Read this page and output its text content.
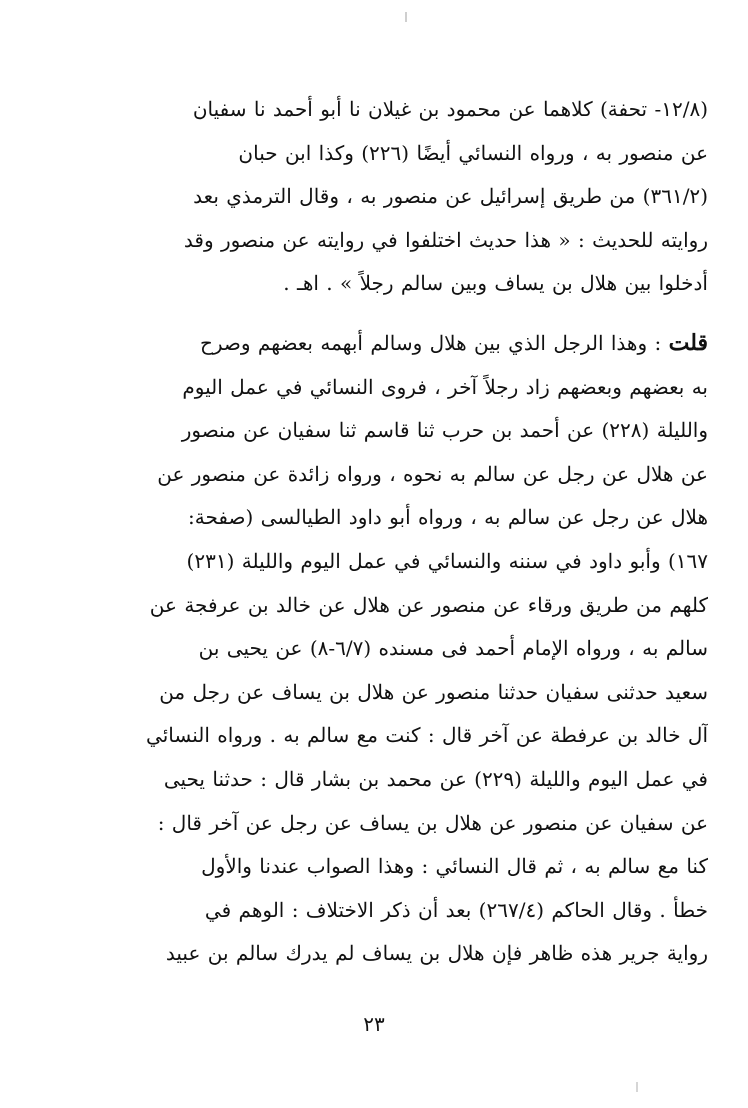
(١٢/٨- تحفة) كلاهما عن محمود بن غيلان نا أبو أحمد نا سفيان
عن منصور به ، ورواه النسائي أيضًا (٢٢٦) وكذا ابن حبان
(٣٦١/٢) من طريق إسرائيل عن منصور به ، وقال الترمذي بعد
روايته للحديث : « هذا حديث اختلفوا في روايته عن منصور وقد
أدخلوا بين هلال بن يساف وبين سالم رجلاً » . اهـ .
قلت : وهذا الرجل الذي بين هلال وسالم أبهمه بعضهم وصرح
به بعضهم وبعضهم زاد رجلاً آخر ، فروى النسائي في عمل اليوم
والليلة (٢٢٨) عن أحمد بن حرب ثنا قاسم ثنا سفيان عن منصور
عن هلال عن رجل عن سالم به نحوه ، ورواه زائدة عن منصور عن
هلال عن رجل عن سالم به ، ورواه أبو داود الطيالسى (صفحة:
١٦٧) وأبو داود في سننه والنسائي في عمل اليوم والليلة (٢٣١)
كلهم من طريق ورقاء عن منصور عن هلال عن خالد بن عرفجة عن
سالم به ، ورواه الإمام أحمد فى مسنده (٦/٧-٨) عن يحيى بن
سعيد حدثنى سفيان حدثنا منصور عن هلال بن يساف عن رجل من
آل خالد بن عرفطة عن آخر قال : كنت مع سالم به . ورواه النسائي
في عمل اليوم والليلة (٢٢٩) عن محمد بن بشار قال : حدثنا يحيى
عن سفيان عن منصور عن هلال بن يساف عن رجل عن آخر قال :
كنا مع سالم به ، ثم قال النسائي : وهذا الصواب عندنا والأول
خطأ . وقال الحاكم (٢٦٧/٤) بعد أن ذكر الاختلاف : الوهم في
رواية جرير هذه ظاهر فإن هلال بن يساف لم يدرك سالم بن عبيد
٢٣
